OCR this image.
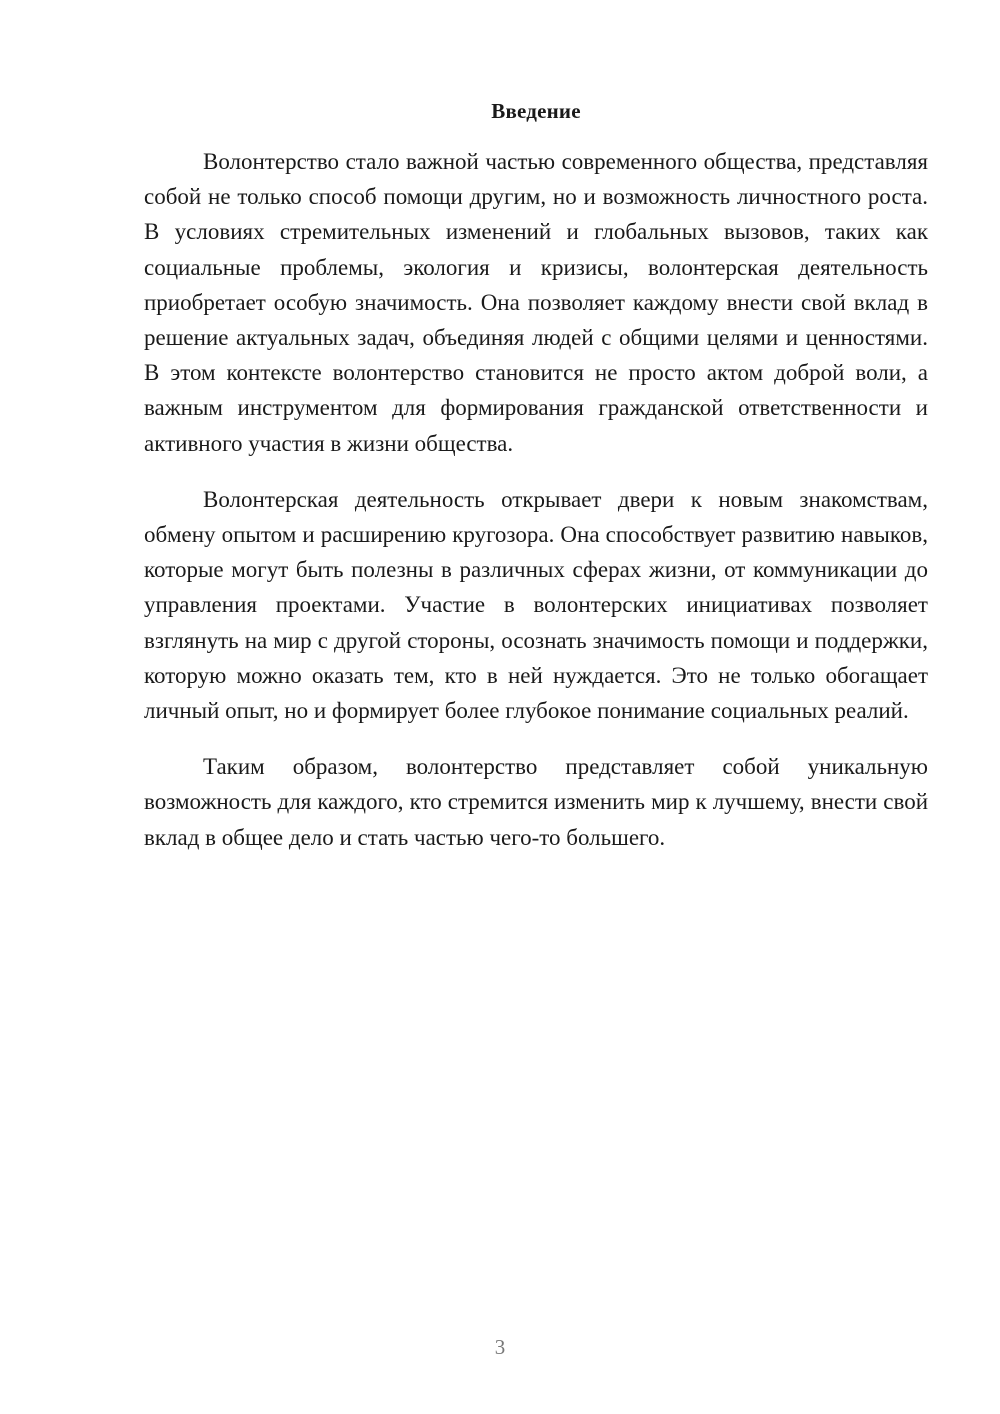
Введение

Волонтерство стало важной частью современного общества, представляя собой не только способ помощи другим, но и возможность личностного роста. В условиях стремительных изменений и глобальных вызовов, таких как социальные проблемы, экология и кризисы, волонтерская деятельность приобретает особую значимость. Она позволяет каждому внести свой вклад в решение актуальных задач, объединяя людей с общими целями и ценностями. В этом контексте волонтерство становится не просто актом доброй воли, а важным инструментом для формирования гражданской ответственности и активного участия в жизни общества.

Волонтерская деятельность открывает двери к новым знакомствам, обмену опытом и расширению кругозора. Она способствует развитию навыков, которые могут быть полезны в различных сферах жизни, от коммуникации до управления проектами. Участие в волонтерских инициативах позволяет взглянуть на мир с другой стороны, осознать значимость помощи и поддержки, которую можно оказать тем, кто в ней нуждается. Это не только обогащает личный опыт, но и формирует более глубокое понимание социальных реалий.

Таким образом, волонтерство представляет собой уникальную возможность для каждого, кто стремится изменить мир к лучшему, внести свой вклад в общее дело и стать частью чего-то большего.

3
